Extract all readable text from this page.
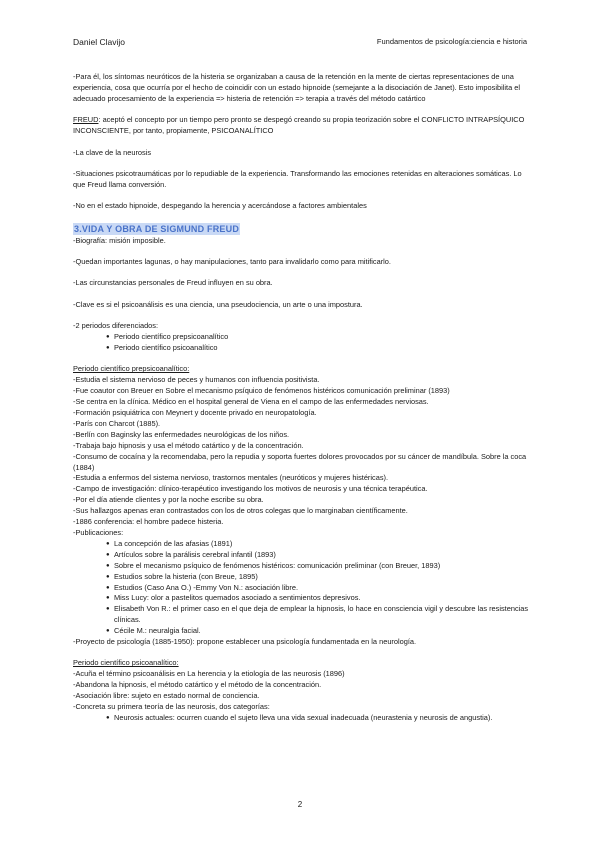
Daniel Clavijo	Fundamentos de psicología:ciencia e historia

-Para él, los síntomas neuróticos de la histeria se organizaban a causa de la retención en la mente de ciertas representaciones de una experiencia, cosa que ocurría por el hecho de coincidir con un estado hipnoide (semejante a la disociación de Janet). Esto imposibilita el adecuado procesamiento de la experiencia => histeria de retención => terapia a través del método catártico

FREUD: aceptó el concepto por un tiempo pero pronto se despegó creando su propia teorización sobre el CONFLICTO INTRAPSÍQUICO INCONSCIENTE, por tanto, propiamente, PSICOANALÍTICO

-La clave de la neurosis

-Situaciones psicotraumáticas por lo repudiable de la experiencia. Transformando las emociones retenidas en alteraciones somáticas. Lo que Freud llama conversión.

-No en el estado hipnoide, despegando la herencia y acercándose a factores ambientales

3.VIDA Y OBRA DE SIGMUND FREUD

-Biografía: misión imposible.

-Quedan importantes lagunas, o hay manipulaciones, tanto para invalidarlo como para mitificarlo.

-Las circunstancias personales de Freud influyen en su obra.

-Clave es si el psicoanálisis es una ciencia, una pseudociencia, un arte o una impostura.

-2 periodos diferenciados:

● Periodo científico prepsicoanalítico
● Periodo científico psicoanalítico

Periodo científico prepsicoanalítico:

-Estudia el sistema nervioso de peces y humanos con influencia positivista.

-Fue coautor con Breuer en Sobre el mecanismo psíquico de fenómenos histéricos comunicación preliminar (1893)

-Se centra en la clínica. Médico en el hospital general de Viena en el campo de las enfermedades nerviosas.

-Formación psiquiátrica con Meynert y docente privado en neuropatología.

-París con Charcot (1885).

-Berlín con Baginsky las enfermedades neurológicas de los niños.

-Trabaja bajo hipnosis y usa el método catártico y de la concentración.

-Consumo de cocaína y la recomendaba, pero la repudia y soporta fuertes dolores provocados por su cáncer de mandíbula. Sobre la coca (1884)

-Estudia a enfermos del sistema nervioso, trastornos mentales (neuróticos y mujeres histéricas).

-Campo de investigación: clínico-terapéutico investigando los motivos de neurosis y una técnica terapéutica.

-Por el día atiende clientes y por la noche escribe su obra.

-Sus hallazgos apenas eran contrastados con los de otros colegas que lo marginaban científicamente.

-1886 conferencia: el hombre padece histeria.

-Publicaciones:

● La concepción de las afasias (1891)
● Artículos sobre la parálisis cerebral infantil (1893)
● Sobre el mecanismo psíquico de fenómenos histéricos: comunicación preliminar (con Breuer, 1893)
● Estudios sobre la histeria (con Breue, 1895)
● Estudios (Caso Ana O.) -Emmy Von N.: asociación libre.
● Miss Lucy: olor a pastelitos quemados asociado a sentimientos depresivos.
● Elisabeth Von R.: el primer caso en el que deja de emplear la hipnosis, lo hace en consciencia vigil y descubre las resistencias clínicas.
● Cécile M.: neuralgia facial.

-Proyecto de psicología (1885-1950): propone establecer una psicología fundamentada en la neurología.

Periodo científico psicoanalítico:

-Acuña el término psicoanálisis en La herencia y la etiología de las neurosis (1896)

-Abandona la hipnosis, el método catártico y el método de la concentración.

-Asociación libre: sujeto en estado normal de conciencia.

-Concreta su primera teoría de las neurosis, dos categorías:

● Neurosis actuales: ocurren cuando el sujeto lleva una vida sexual inadecuada (neurastenia y neurosis de angustia).
2
